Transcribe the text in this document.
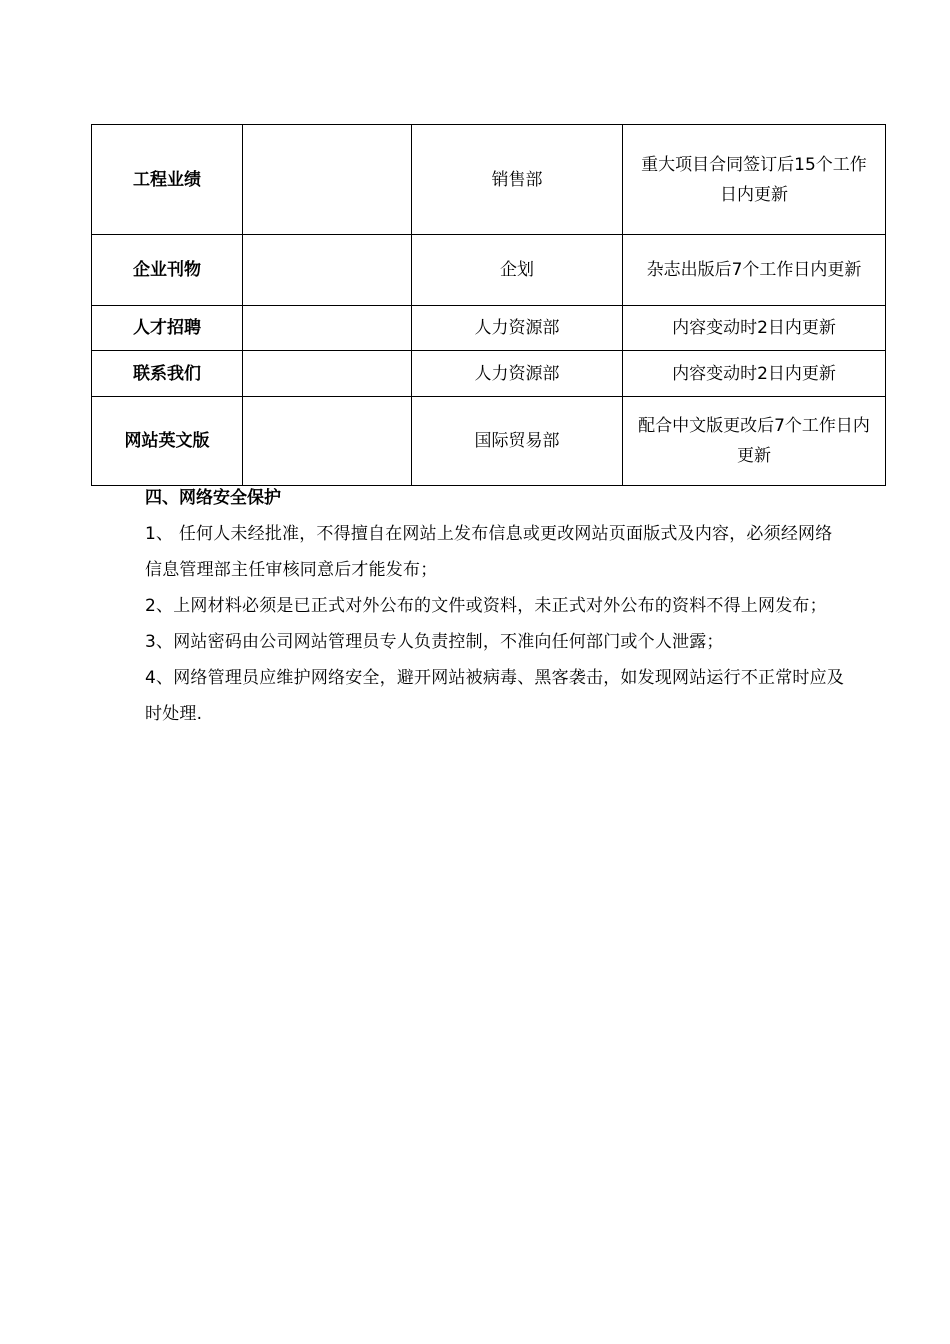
工程业绩		销售部	重大项目合同签订后15个工作日内更新
企业刊物		企划	杂志出版后7个工作日内更新
人才招聘		人力资源部	内容变动时2日内更新
联系我们		人力资源部	内容变动时2日内更新
网站英文版		国际贸易部	配合中文版更改后7个工作日内更新

四、网络安全保护

1、 任何人未经批准，不得擅自在网站上发布信息或更改网站页面版式及内容，必须经网络信息管理部主任审核同意后才能发布；

2、上网材料必须是已正式对外公布的文件或资料，未正式对外公布的资料不得上网发布；

3、网站密码由公司网站管理员专人负责控制，不准向任何部门或个人泄露；

4、网络管理员应维护网络安全，避开网站被病毒、黑客袭击，如发现网站运行不正常时应及时处理.
